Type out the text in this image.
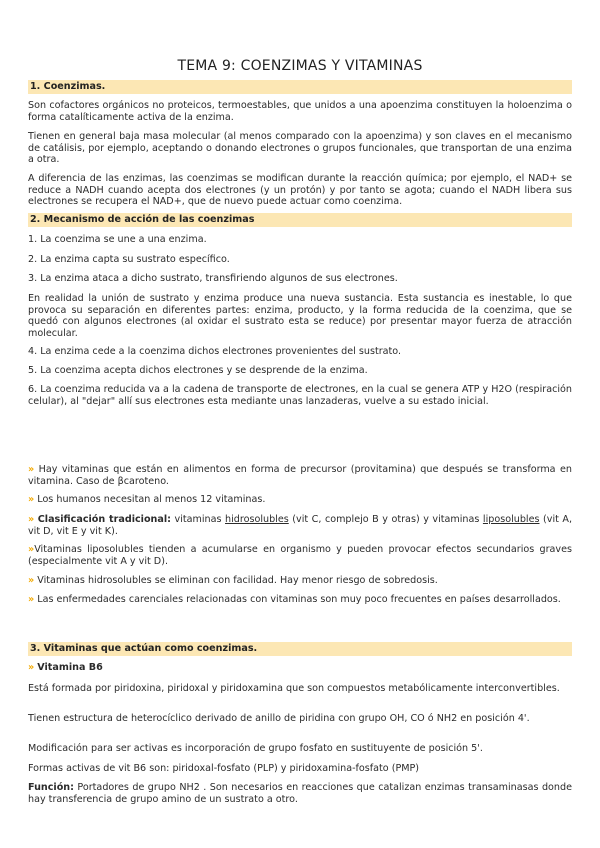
TEMA 9: COENZIMAS Y VITAMINAS
1. Coenzimas.
Son cofactores orgánicos no proteicos, termoestables, que unidos a una apoenzima constituyen la holoenzima o forma catalíticamente activa de la enzima.
Tienen en general baja masa molecular (al menos comparado con la apoenzima) y son claves en el mecanismo de catálisis, por ejemplo, aceptando o donando electrones o grupos funcionales, que transportan de una enzima a otra.
A diferencia de las enzimas, las coenzimas se modifican durante la reacción química; por ejemplo, el NAD+ se reduce a NADH cuando acepta dos electrones (y un protón) y por tanto se agota; cuando el NADH libera sus electrones se recupera el NAD+, que de nuevo puede actuar como coenzima.
2. Mecanismo de acción de las coenzimas
1. La coenzima se une a una enzima.
2. La enzima capta su sustrato específico.
3. La enzima ataca a dicho sustrato, transfiriendo algunos de sus electrones.
En realidad la unión de sustrato y enzima produce una nueva sustancia. Esta sustancia es inestable, lo que provoca su separación en diferentes partes: enzima, producto, y la forma reducida de la coenzima, que se quedó con algunos electrones (al oxidar el sustrato esta se reduce) por presentar mayor fuerza de atracción molecular.
4. La enzima cede a la coenzima dichos electrones provenientes del sustrato.
5. La coenzima acepta dichos electrones y se desprende de la enzima.
6. La coenzima reducida va a la cadena de transporte de electrones, en la cual se genera ATP y H2O (respiración celular), al "dejar" allí sus electrones esta mediante unas lanzaderas, vuelve a su estado inicial.
» Hay vitaminas que están en alimentos en forma de precursor (provitamina) que después se transforma en vitamina. Caso de βcaroteno.
» Los humanos necesitan al menos 12 vitaminas.
» Clasificación tradicional: vitaminas hidrosolubles (vit C, complejo B y otras) y vitaminas liposolubles (vit A, vit D, vit E y vit K).
»Vitaminas liposolubles tienden a acumularse en organismo y pueden provocar efectos secundarios graves (especialmente vit A y vit D).
» Vitaminas hidrosolubles se eliminan con facilidad. Hay menor riesgo de sobredosis.
» Las enfermedades carenciales relacionadas con vitaminas son muy poco frecuentes en países desarrollados.
3. Vitaminas que actúan como coenzimas.
» Vitamina B6
Está formada por piridoxina, piridoxal y piridoxamina que son compuestos metabólicamente interconvertibles.
Tienen estructura de heterocíclico derivado de anillo de piridina con grupo OH, CO ó NH2 en posición 4'.
Modificación para ser activas es incorporación de grupo fosfato en sustituyente de posición 5'.
Formas activas de vit B6 son: piridoxal-fosfato (PLP) y piridoxamina-fosfato (PMP)
Función: Portadores de grupo NH2 . Son necesarios en reacciones que catalizan enzimas transaminasas donde hay transferencia de grupo amino de un sustrato a otro.
